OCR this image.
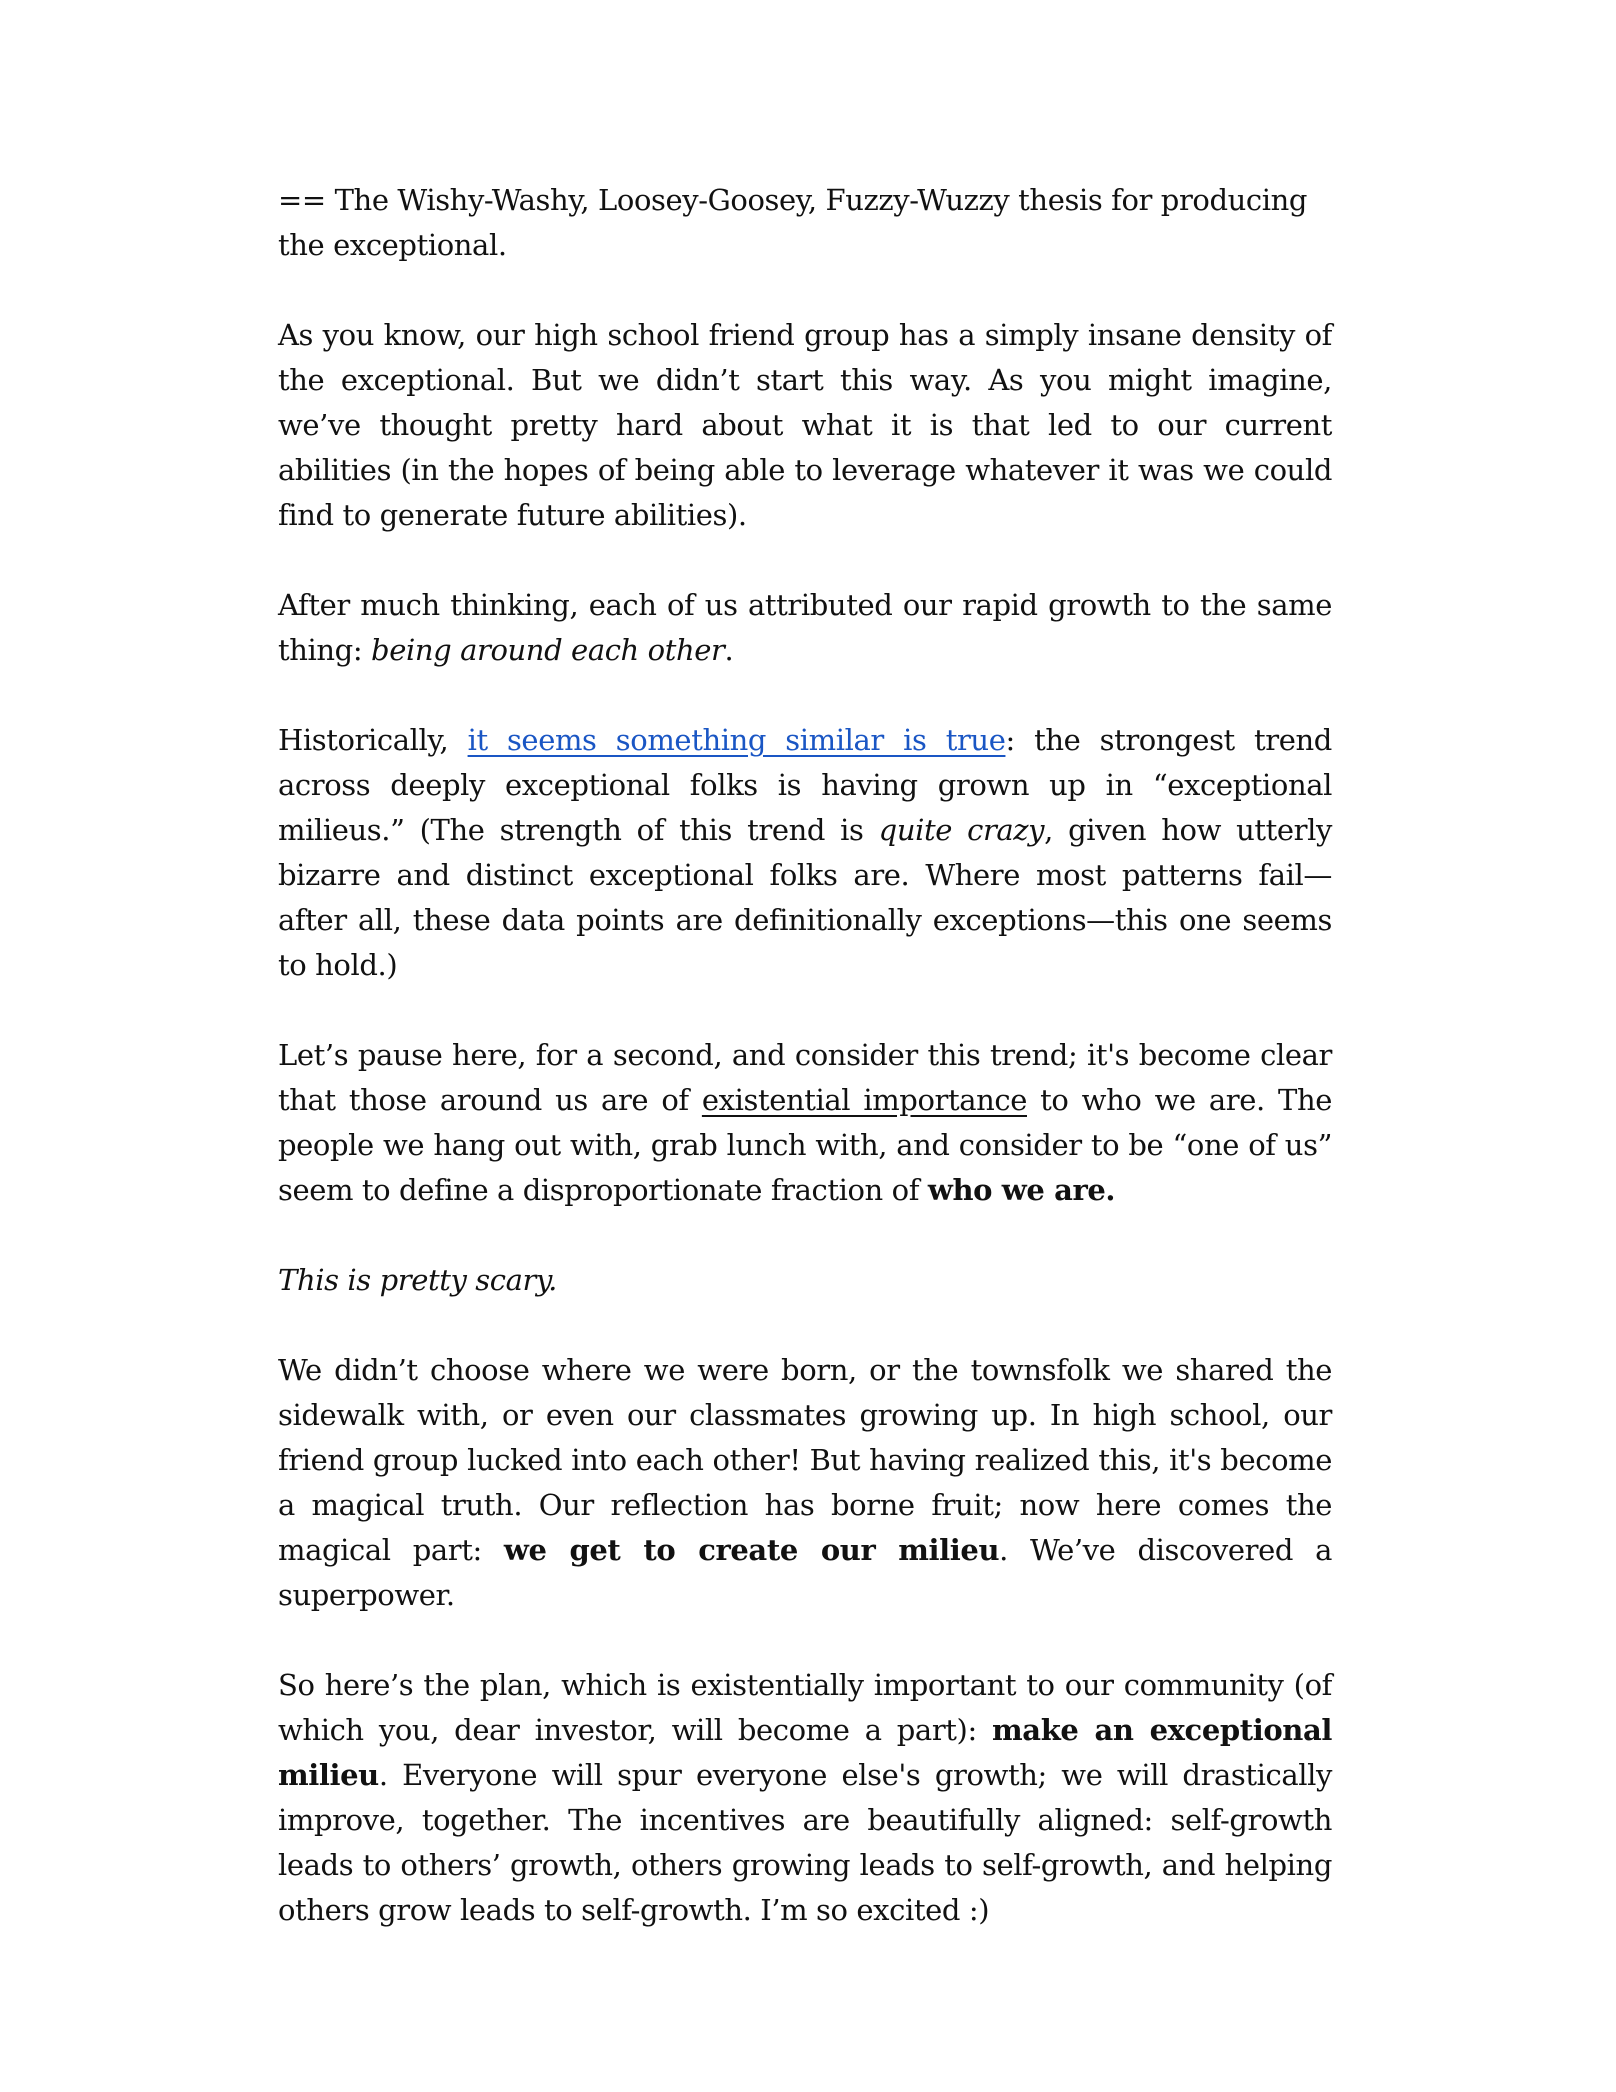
== The Wishy-Washy, Loosey-Goosey, Fuzzy-Wuzzy thesis for producing the exceptional.

As you know, our high school friend group has a simply insane density of the exceptional. But we didn’t start this way. As you might imagine, we’ve thought pretty hard about what it is that led to our current abilities (in the hopes of being able to leverage whatever it was we could find to generate future abilities).

After much thinking, each of us attributed our rapid growth to the same thing: being around each other.

Historically, it seems something similar is true: the strongest trend across deeply exceptional folks is having grown up in “exceptional milieus.” (The strength of this trend is quite crazy, given how utterly bizarre and distinct exceptional folks are. Where most patterns fail—after all, these data points are definitionally exceptions—this one seems to hold.)

Let’s pause here, for a second, and consider this trend; it's become clear that those around us are of existential importance to who we are. The people we hang out with, grab lunch with, and consider to be “one of us” seem to define a disproportionate fraction of who we are.

This is pretty scary.

We didn’t choose where we were born, or the townsfolk we shared the sidewalk with, or even our classmates growing up. In high school, our friend group lucked into each other! But having realized this, it's become a magical truth. Our reflection has borne fruit; now here comes the magical part: we get to create our milieu. We’ve discovered a superpower.

So here’s the plan, which is existentially important to our community (of which you, dear investor, will become a part): make an exceptional milieu. Everyone will spur everyone else's growth; we will drastically improve, together. The incentives are beautifully aligned: self-growth leads to others’ growth, others growing leads to self-growth, and helping others grow leads to self-growth. I’m so excited :)
